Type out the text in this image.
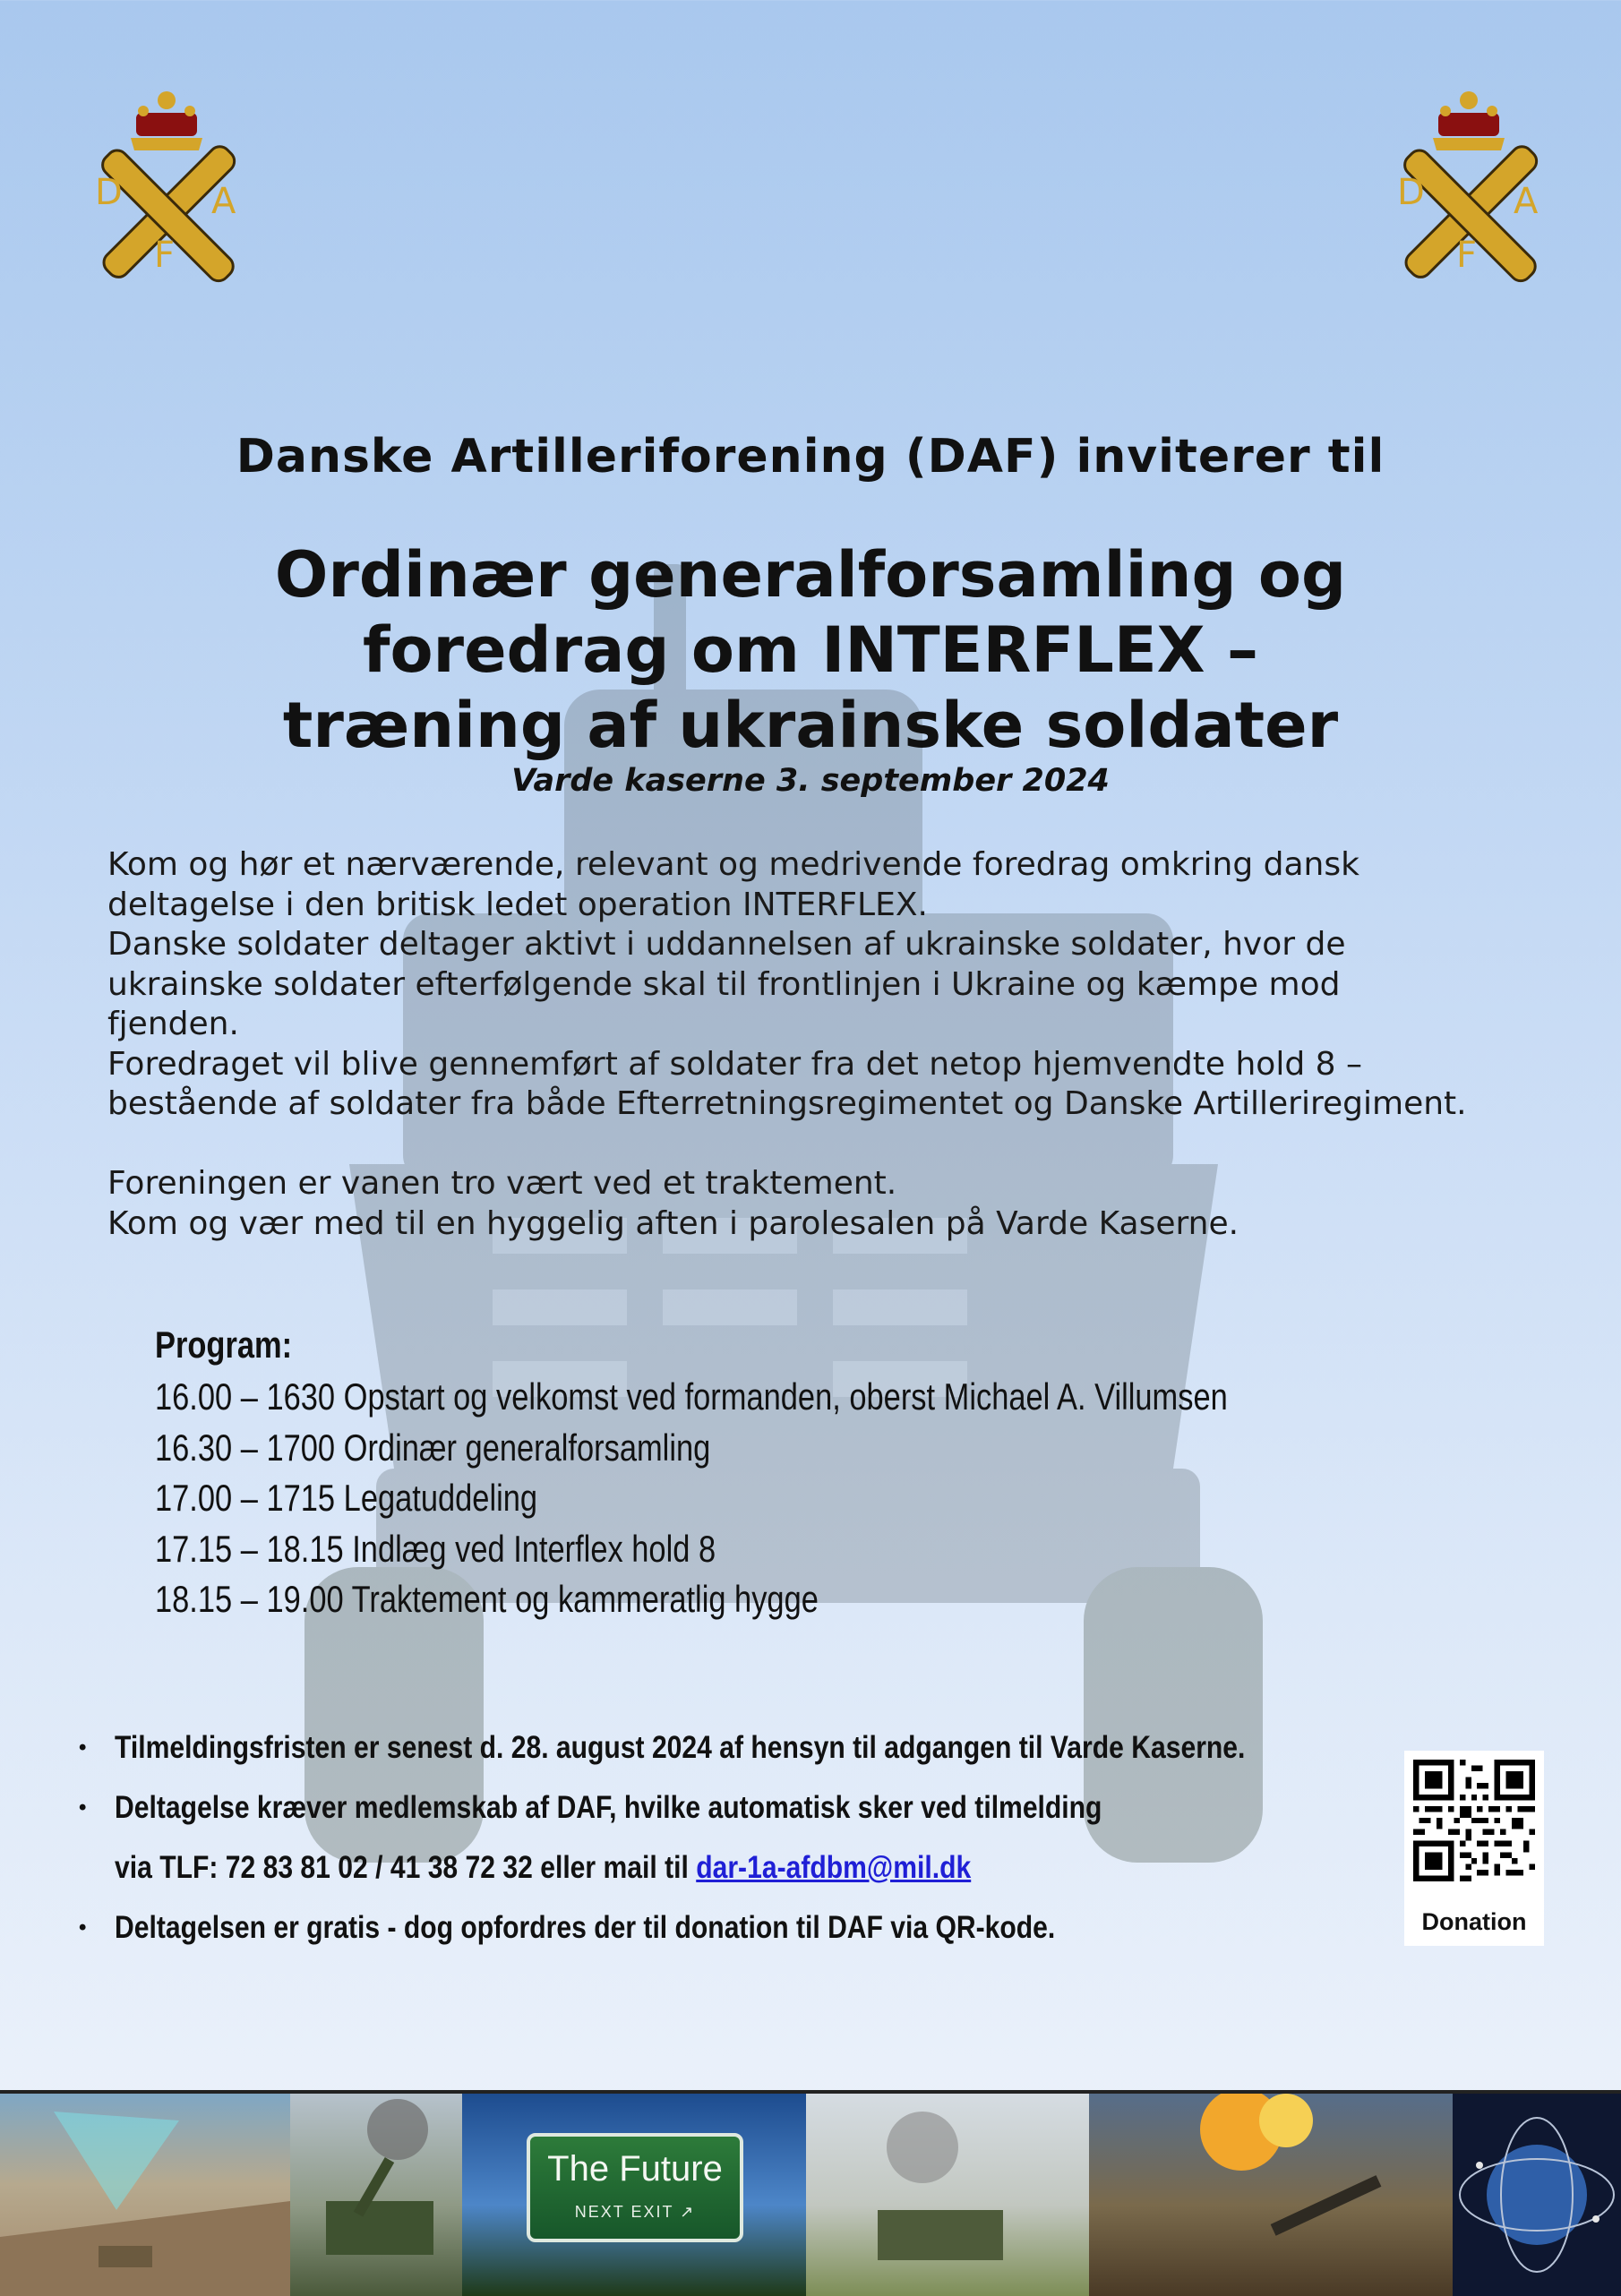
D A
F
D A
F
Danske Artilleriforening (DAF) inviterer til
Ordinær generalforsamling og
foredrag om INTERFLEX –
træning af ukrainske soldater

Varde kaserne 3. september 2024

Kom og hør et nærværende, relevant og medrivende foredrag omkring dansk

deltagelse i den britisk ledet operation INTERFLEX.

Danske soldater deltager aktivt i uddannelsen af ukrainske soldater, hvor de

ukrainske soldater efterfølgende skal til frontlinjen i Ukraine og kæmpe mod

fjenden.

Foredraget vil blive gennemført af soldater fra det netop hjemvendte hold 8 –

bestående af soldater fra både Efterretningsregimentet og Danske Artilleriregiment.

Foreningen er vanen tro vært ved et traktement.

Kom og vær med til en hyggelig aften i parolesalen på Varde Kaserne.

Program:

16.00 – 1630 Opstart og velkomst ved formanden, oberst Michael A. Villumsen

16.30 – 1700 Ordinær generalforsamling

17.00 – 1715 Legatuddeling

17.15 – 18.15 Indlæg ved Interflex hold 8

18.15 – 19.00 Traktement og kammeratlig hygge

• Tilmeldingsfristen er senest d. 28. august 2024 af hensyn til adgangen til Varde Kaserne.
• Deltagelse kræver medlemskab af DAF, hvilke automatisk sker ved tilmelding
via TLF: 72 83 81 02 / 41 38 72 32 eller mail til dar-1a-afdbm@mil.dk
• Deltagelsen er gratis - dog opfordres der til donation til DAF via QR-kode.	Donation
The Future
NEXT EXIT ↗
